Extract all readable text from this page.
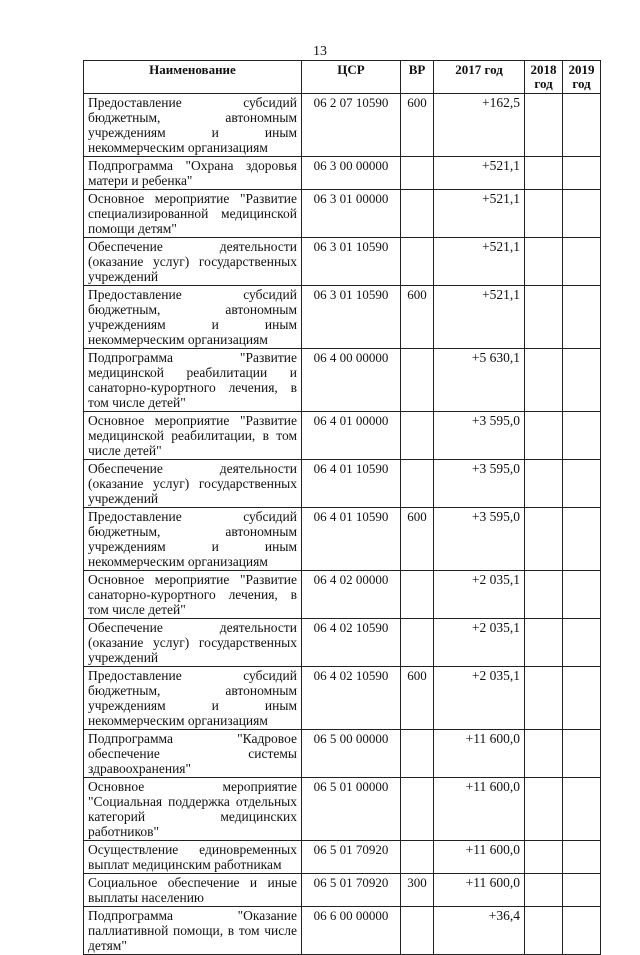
13
Наименование	ЦСР	ВР	2017 год	2018 год	2019 год
Предоставление субсидий бюджетным, автономным учреждениям и иным некоммерческим организациям	06 2 07 10590	600	+162,5		
Подпрограмма "Охрана здоровья матери и ребенка"	06 3 00 00000		+521,1		
Основное мероприятие "Развитие специализированной медицинской помощи детям"	06 3 01 00000		+521,1		
Обеспечение деятельности (оказание услуг) государственных учреждений	06 3 01 10590		+521,1		
Предоставление субсидий бюджетным, автономным учреждениям и иным некоммерческим организациям	06 3 01 10590	600	+521,1		
Подпрограмма "Развитие медицинской реабилитации и санаторно-курортного лечения, в том числе детей"	06 4 00 00000		+5 630,1		
Основное мероприятие "Развитие медицинской реабилитации, в том числе детей"	06 4 01 00000		+3 595,0		
Обеспечение деятельности (оказание услуг) государственных учреждений	06 4 01 10590		+3 595,0		
Предоставление субсидий бюджетным, автономным учреждениям и иным некоммерческим организациям	06 4 01 10590	600	+3 595,0		
Основное мероприятие "Развитие санаторно-курортного лечения, в том числе детей"	06 4 02 00000		+2 035,1		
Обеспечение деятельности (оказание услуг) государственных учреждений	06 4 02 10590		+2 035,1		
Предоставление субсидий бюджетным, автономным учреждениям и иным некоммерческим организациям	06 4 02 10590	600	+2 035,1		
Подпрограмма "Кадровое обеспечение системы здравоохранения"	06 5 00 00000		+11 600,0		
Основное мероприятие "Социальная поддержка отдельных категорий медицинских работников"	06 5 01 00000		+11 600,0		
Осуществление единовременных выплат медицинским работникам	06 5 01 70920		+11 600,0		
Социальное обеспечение и иные выплаты населению	06 5 01 70920	300	+11 600,0		
Подпрограмма "Оказание паллиативной помощи, в том числе детям"	06 6 00 00000		+36,4		
